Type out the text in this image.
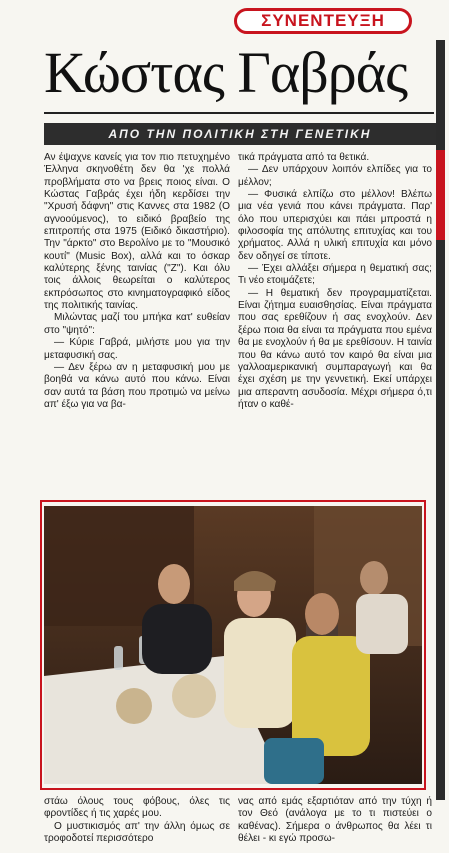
ΣΥΝΕΝΤΕΥΞΗ
Κώστας Γαβράς
ΑΠΟ ΤΗΝ ΠΟΛΙΤΙΚΗ ΣΤΗ ΓΕΝΕΤΙΚΗ

Αν έψαχνε κανείς για τον πιο πετυχημένο Έλληνα σκηνοθέτη δεν θα 'χε πολλά προβλήματα στο να βρεις ποιος είναι. Ο Κώστας Γαβράς έχει ήδη κερδίσει την "Χρυσή δάφνη" στις Καννες στα 1982 (Ο αγνοούμενος), το ειδικό βραβείο της επιτροπής στα 1975 (Ειδικό δικαστήριο). Την "άρκτο" στο Βερολίνο με το "Μουσικό κουτί" (Music Box), αλλά και το όσκαρ καλύτερης ξένης ταινίας ("Ζ"). Και όλυ τοις άλλοις θεωρείται ο καλύτερος εκπρόσωπος στο κινηματογραφικό είδος της πολιτικής ταινίας.

Μιλώντας μαζί του μπήκα κατ' ευθείαν στο "ψητό":

— Κύριε Γαβρά, μιλήστε μου για την μεταφυσική σας.

— Δεν ξέρω αν η μεταφυσική μου με βοηθά να κάνω αυτό που κάνω. Είναι σαν αυτά τα βάση που προτιμώ να μείνω απ' έξω για να βα-

τικά πράγματα από τα θετικά.

— Δεν υπάρχουν λοιπόν ελπίδες για το μέλλον;

— Φυσικά ελπίζω στο μέλλον! Βλέπω μια νέα γενιά που κάνει πράγματα. Παρ' όλο που υπερισχύει και πάει μπροστά η φιλοσοφία της απόλυτης επιτυχίας και του χρήματος. Αλλά η υλική επιτυχία και μόνο δεν οδηγεί σε τίποτε.

— Έχει αλλάξει σήμερα η θεματική σας; Τι νέο ετοιμάζετε;

— Η θεματική δεν προγραμματίζεται. Είναι ζήτημα ευαισθησίας. Είναι πράγματα που σας ερεθίζουν ή σας ενοχλούν. Δεν ξέρω ποια θα είναι τα πράγματα που εμένα θα με ενοχλούν ή θα με ερεθίσουν. Η ταινία που θα κάνω αυτό τον καιρό θα είναι μια γαλλοαμερικανική συμπαραγωγή και θα έχει σχέση με την γεννετική. Εκεί υπάρχει μια απεραντη ασυδοσία. Μέχρι σήμερα ό,τι ήταν ο καθέ-

στάω όλους τους φόβους, όλες τις φροντίδες ή τις χαρές μου.

Ο μυστικισμός απ' την άλλη όμως σε τροφοδοτεί περισσότερο

νας από εμάς εξαρτιόταν από την τύχη ή τον Θεό (ανάλογα με το τι πιστεύει ο καθένας). Σήμερα ο άνθρωπος θα λέει τι θέλει - κι εγώ προσω-
